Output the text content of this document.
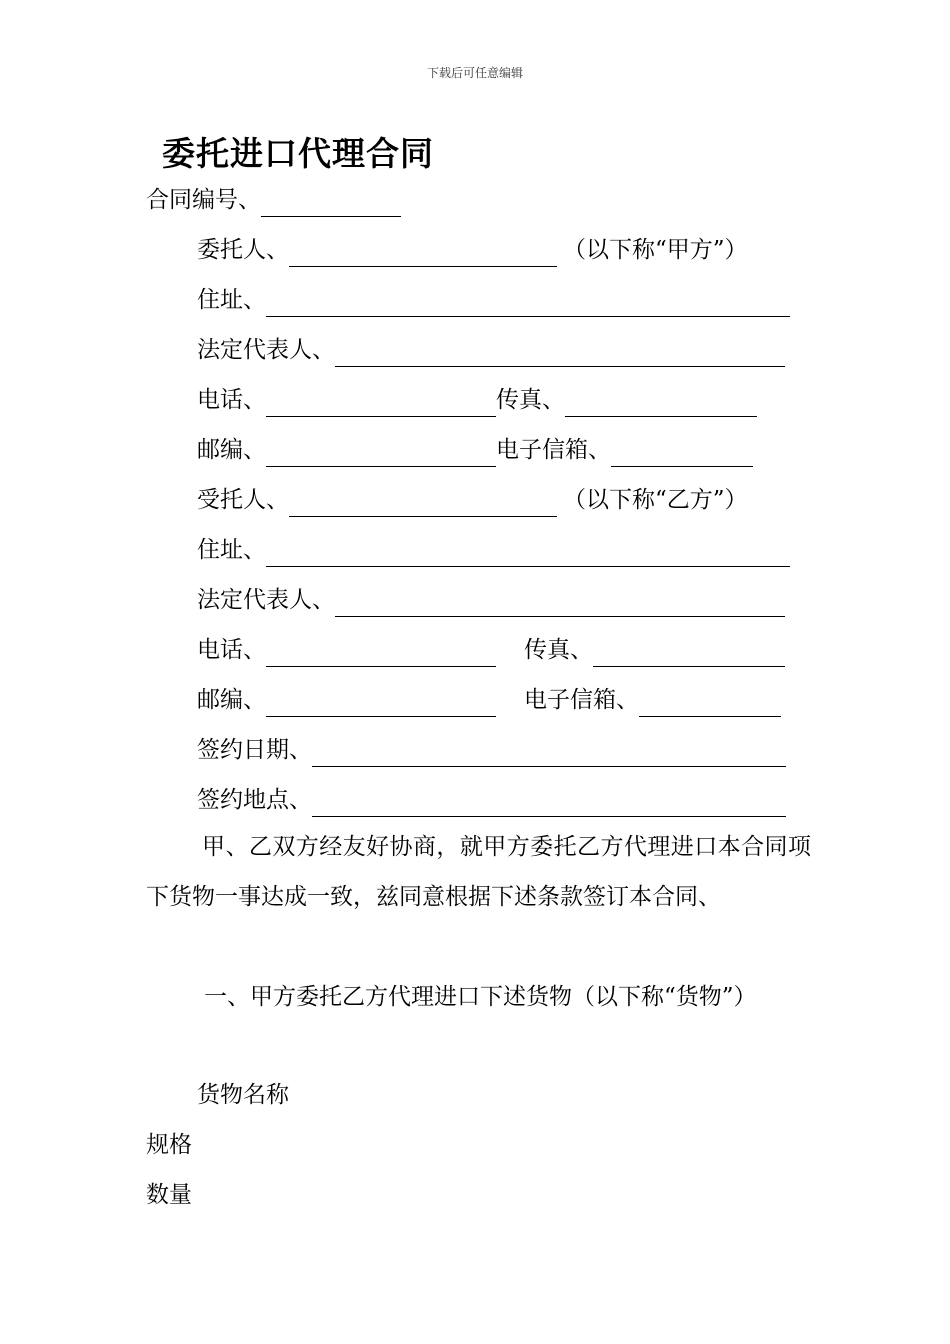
下载后可任意编辑
委托进口代理合同
合同编号、
委托人、	（以下称“甲方”）
住址、
法定代表人、
电话、	传真、
邮编、	电子信箱、
受托人、	（以下称“乙方”）
住址、
法定代表人、
电话、	传真、
邮编、	电子信箱、
签约日期、
签约地点、
甲、乙双方经友好协商，就甲方委托乙方代理进口本合同项下货物一事达成一致，兹同意根据下述条款签订本合同、
一、甲方委托乙方代理进口下述货物（以下称“货物”）
货物名称
规格
数量
